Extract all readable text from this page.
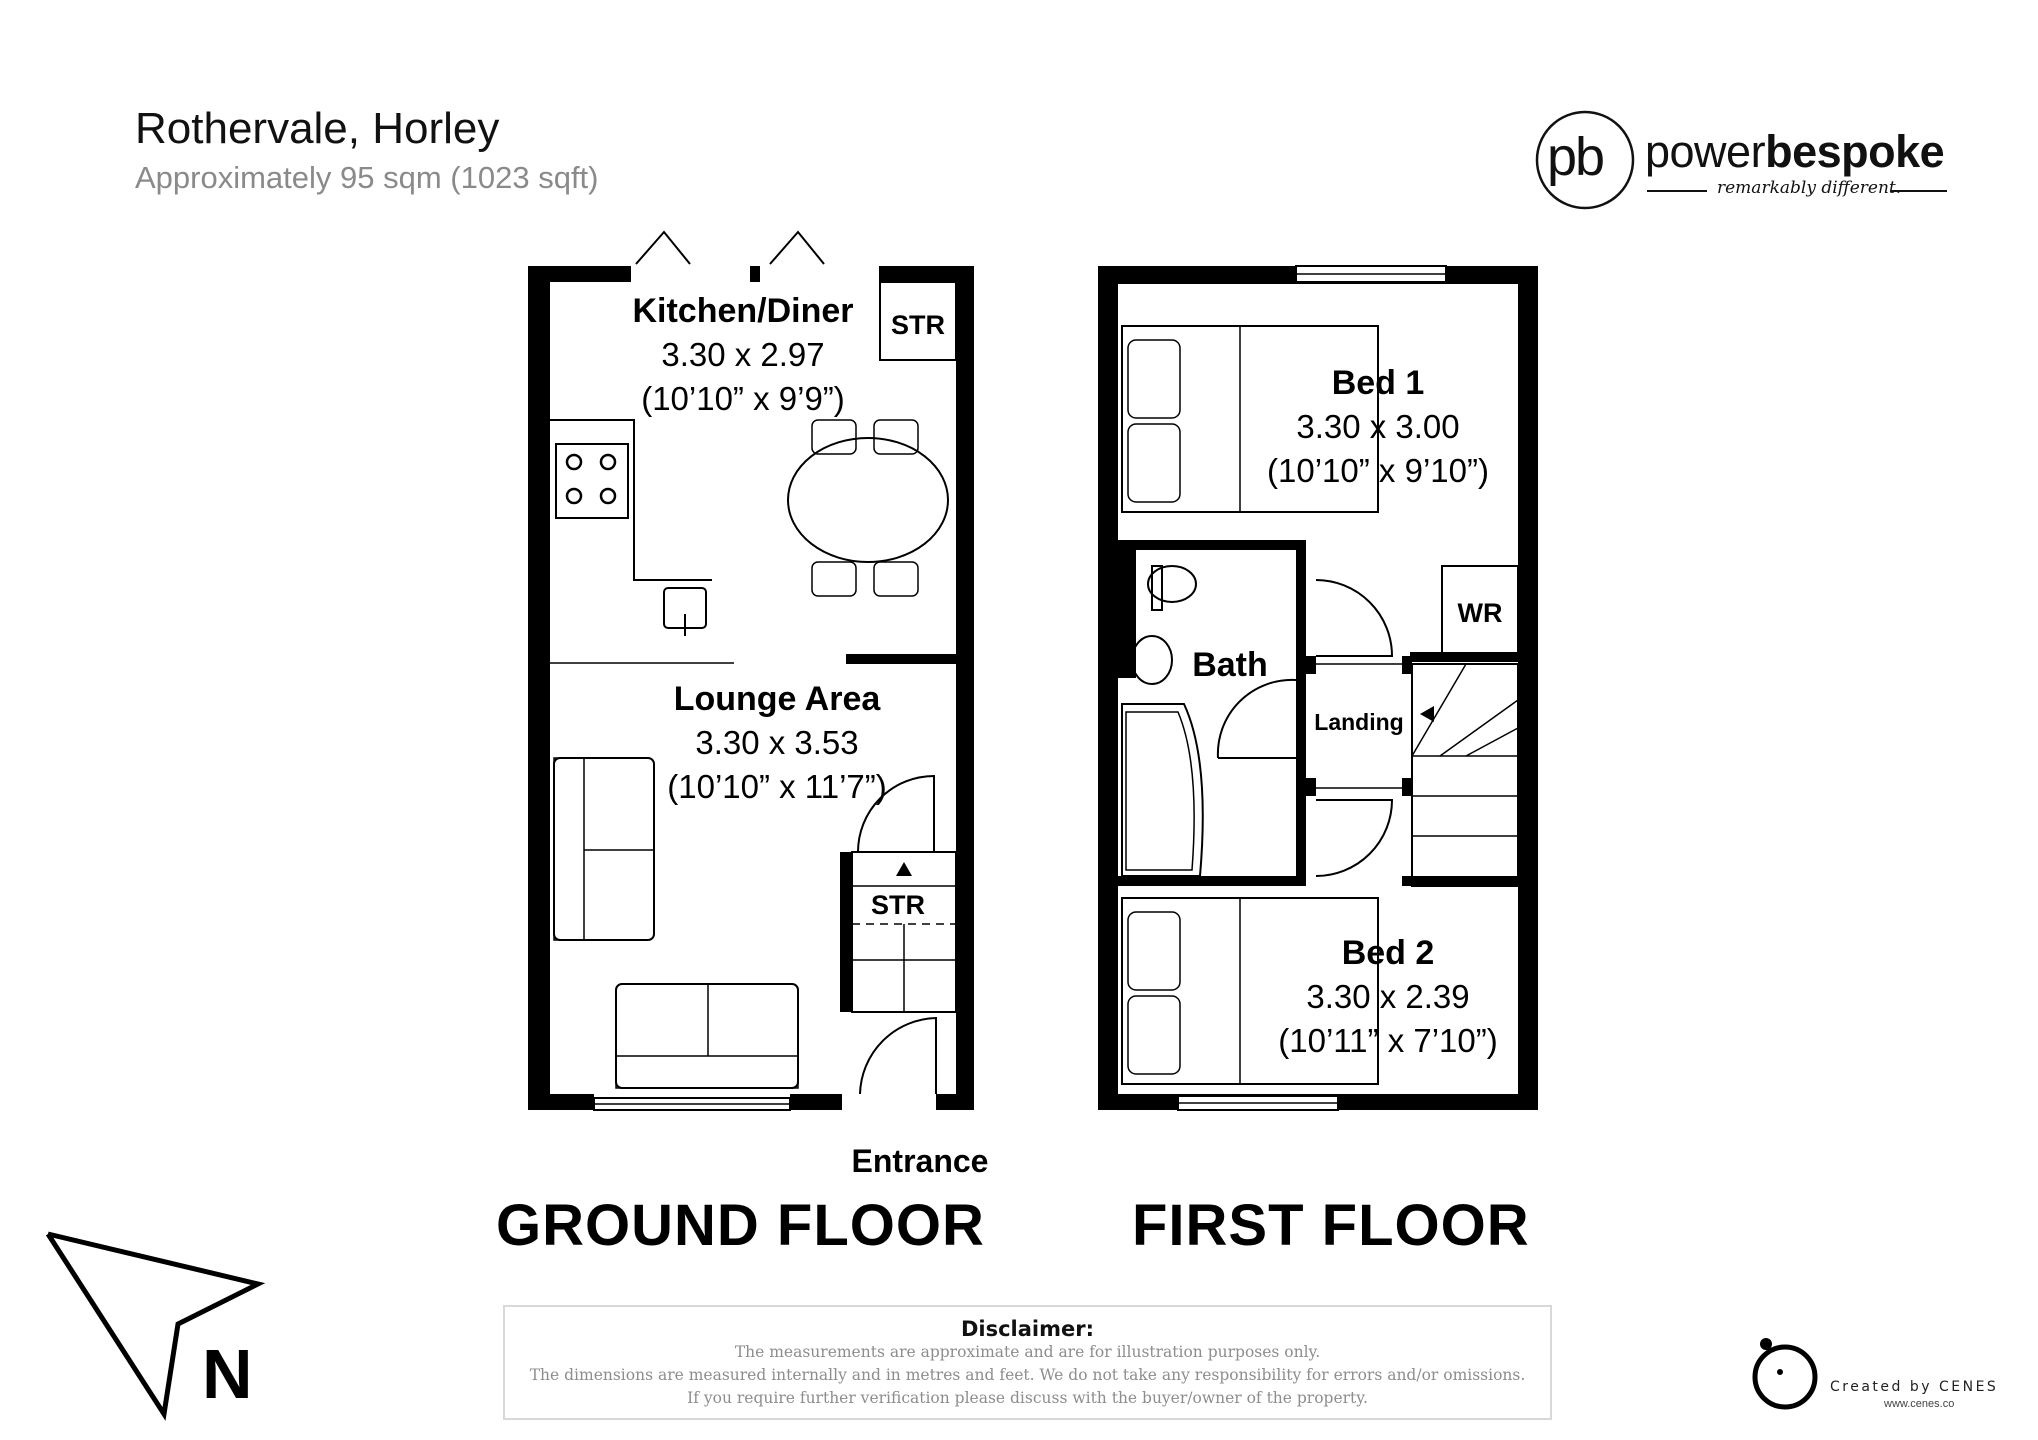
Rothervale, Horley
Approximately 95 sqm (1023 sqft)	pb powerbespoke
remarkably different.
Kitchen/Diner
3.30 x 2.97
(10’10” x 9’9”)
STR
Lounge Area
3.30 x 3.53
(10’10” x 11’7”)
STR
Bed 1
3.30 x 3.00
(10’10” x 9’10”)
Bath
Landing
WR
Bed 2
3.30 x 2.39
(10’11” x 7’10”)
Entrance
GROUND FLOOR	FIRST FLOOR
N
Disclaimer:
The measurements are approximate and are for illustration purposes only.
The dimensions are measured internally and in metres and feet. We do not take any responsibility for errors and/or omissions.
If you require further verification please discuss with the buyer/owner of the property.
Created by CENES
www.cenes.co
